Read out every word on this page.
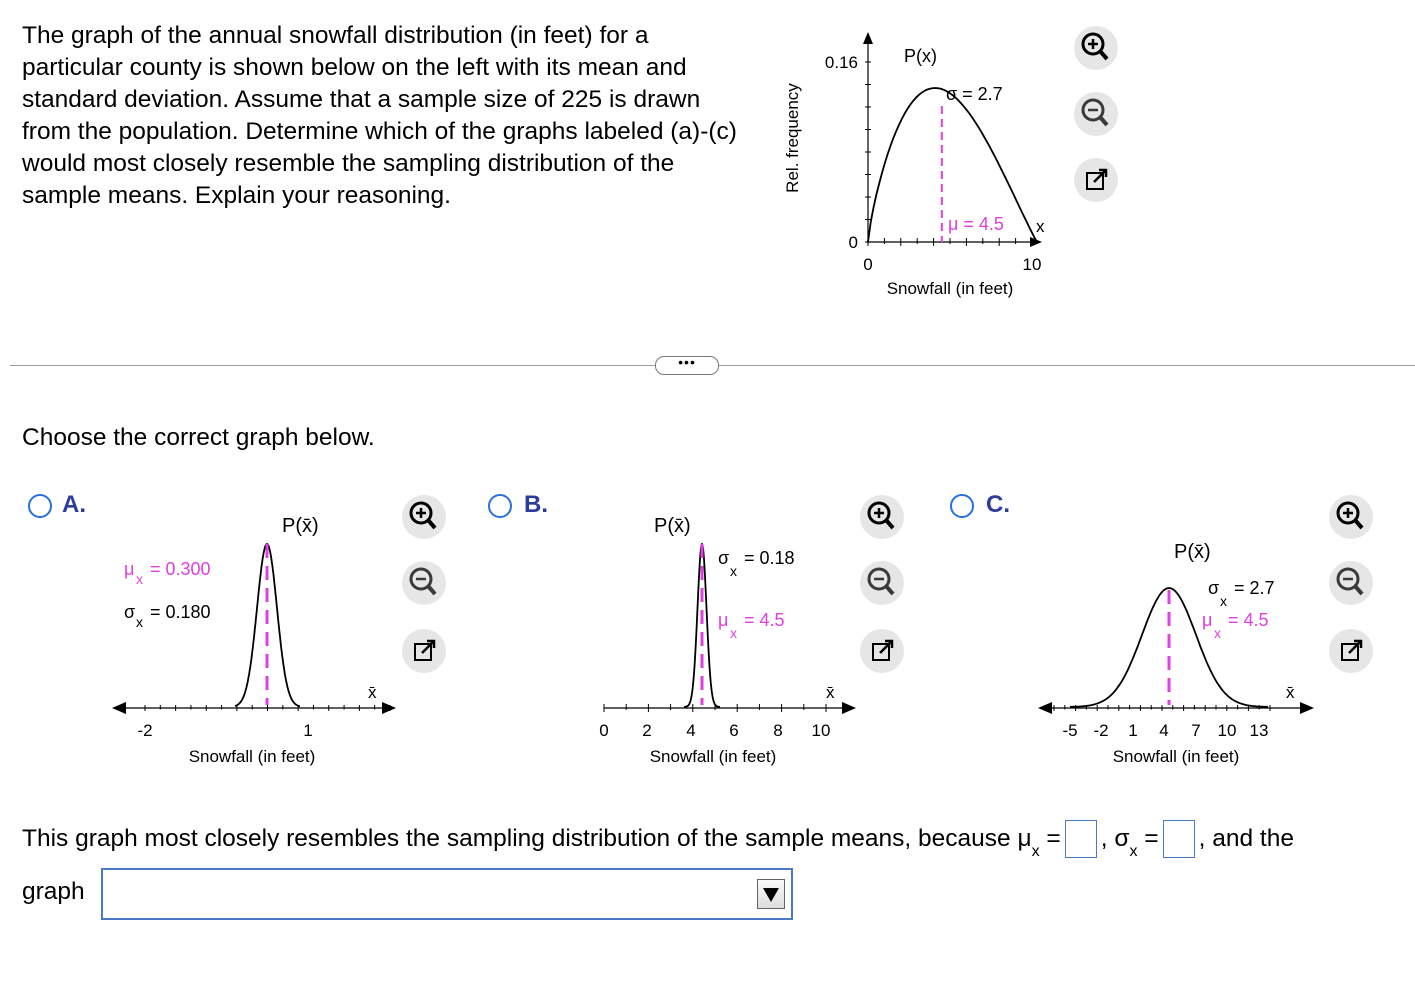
The graph of the annual snowfall distribution (in feet) for a particular county is shown below on the left with its mean and standard deviation. Assume that a sample size of 225 is drawn from the population. Determine which of the graphs labeled (a)-(c) would most closely resemble the sampling distribution of the sample means. Explain your reasoning.

0.16
0
0	10
P(x)
Rel. frequency
x
Snowfall (in feet)
σ = 2.7
μ = 4.5
•••
Choose the correct graph below.
A.
-2	1
P(x̄)
x̄
Snowfall (in feet)
μ x = 0.300
σ x = 0.180
B.
0 2 4 6 8 10
P(x̄)
x̄
Snowfall (in feet)
σ
x
= 0.18
μ
x
= 4.5
C.
-5 -2 1 4 7 10 13
P(x̄)
x̄
Snowfall (in feet)
σ
x
= 2.7
μ
x
= 4.5
This graph most closely resembles the sampling distribution of the sample means, because $\mu_x$ = , $\sigma_x$ = , and the
graph
